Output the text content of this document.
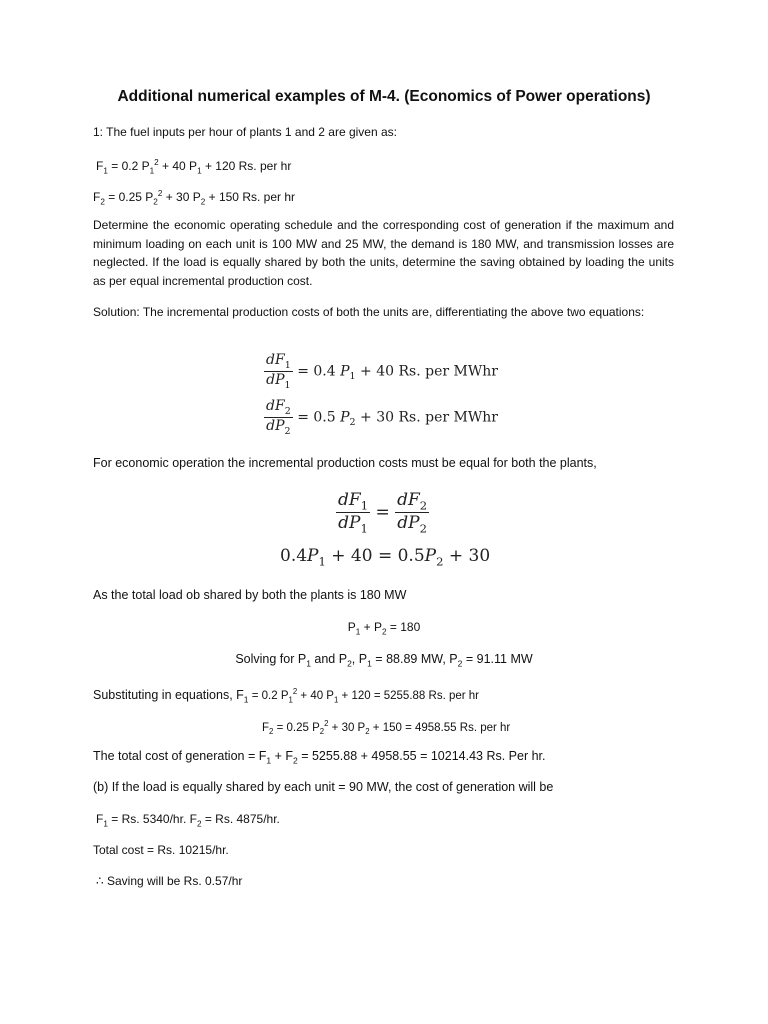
Additional numerical examples of M-4. (Economics of Power operations)
1: The fuel inputs per hour of plants 1 and 2 are given as:
$F_1 = 0.2$ $P_1^2 + 40$ $P_1 + 120$ Rs. per hr
$F_2 = 0.25$ $P_2^2 + 30$ $P_2 + 150$ Rs. per hr
Determine the economic operating schedule and the corresponding cost of generation if the maximum and minimum loading on each unit is 100 MW and 25 MW, the demand is 180 MW, and transmission losses are neglected. If the load is equally shared by both the units, determine the saving obtained by loading the units as per equal incremental production cost.
Solution: The incremental production costs of both the units are, differentiating the above two equations:
$\frac{dF_1}{dP_1} = 0.4$ $P_1 + 40$ Rs. per MWhr
$\frac{dF_2}{dP_2} = 0.5$ $P_2 + 30$ Rs. per MWhr
For economic operation the incremental production costs must be equal for both the plants,
$\frac{dF_1}{dP_1} = \frac{dF_2}{dP_2}$
$0.4P_1 + 40 = 0.5P_2 + 30$
As the total load ob shared by both the plants is 180 MW
$P_1 + P_2 = 180$
Solving for $P_1$ and $P_2$, $P_1 = 88.89$ MW, $P_2 = 91.11$ MW
Substituting in equations, $F_1 = 0.2$ $P_1^2 + 40$ $P_1 + 120 = 5255.88$ Rs. per hr
$F_2 = 0.25$ $P_2^2 + 30$ $P_2 + 150 = 4958.55$ Rs. per hr
The total cost of generation = $F_1 + F_2 = 5255.88 + 4958.55 = 10214.43$ Rs. Per hr.
(b) If the load is equally shared by each unit = 90 MW, the cost of generation will be
$F_1 = Rs$. 5340/hr. $F_2 = Rs$. 4875/hr.
Total cost = Rs. 10215/hr.
∴ Saving will be Rs. 0.57/hr
